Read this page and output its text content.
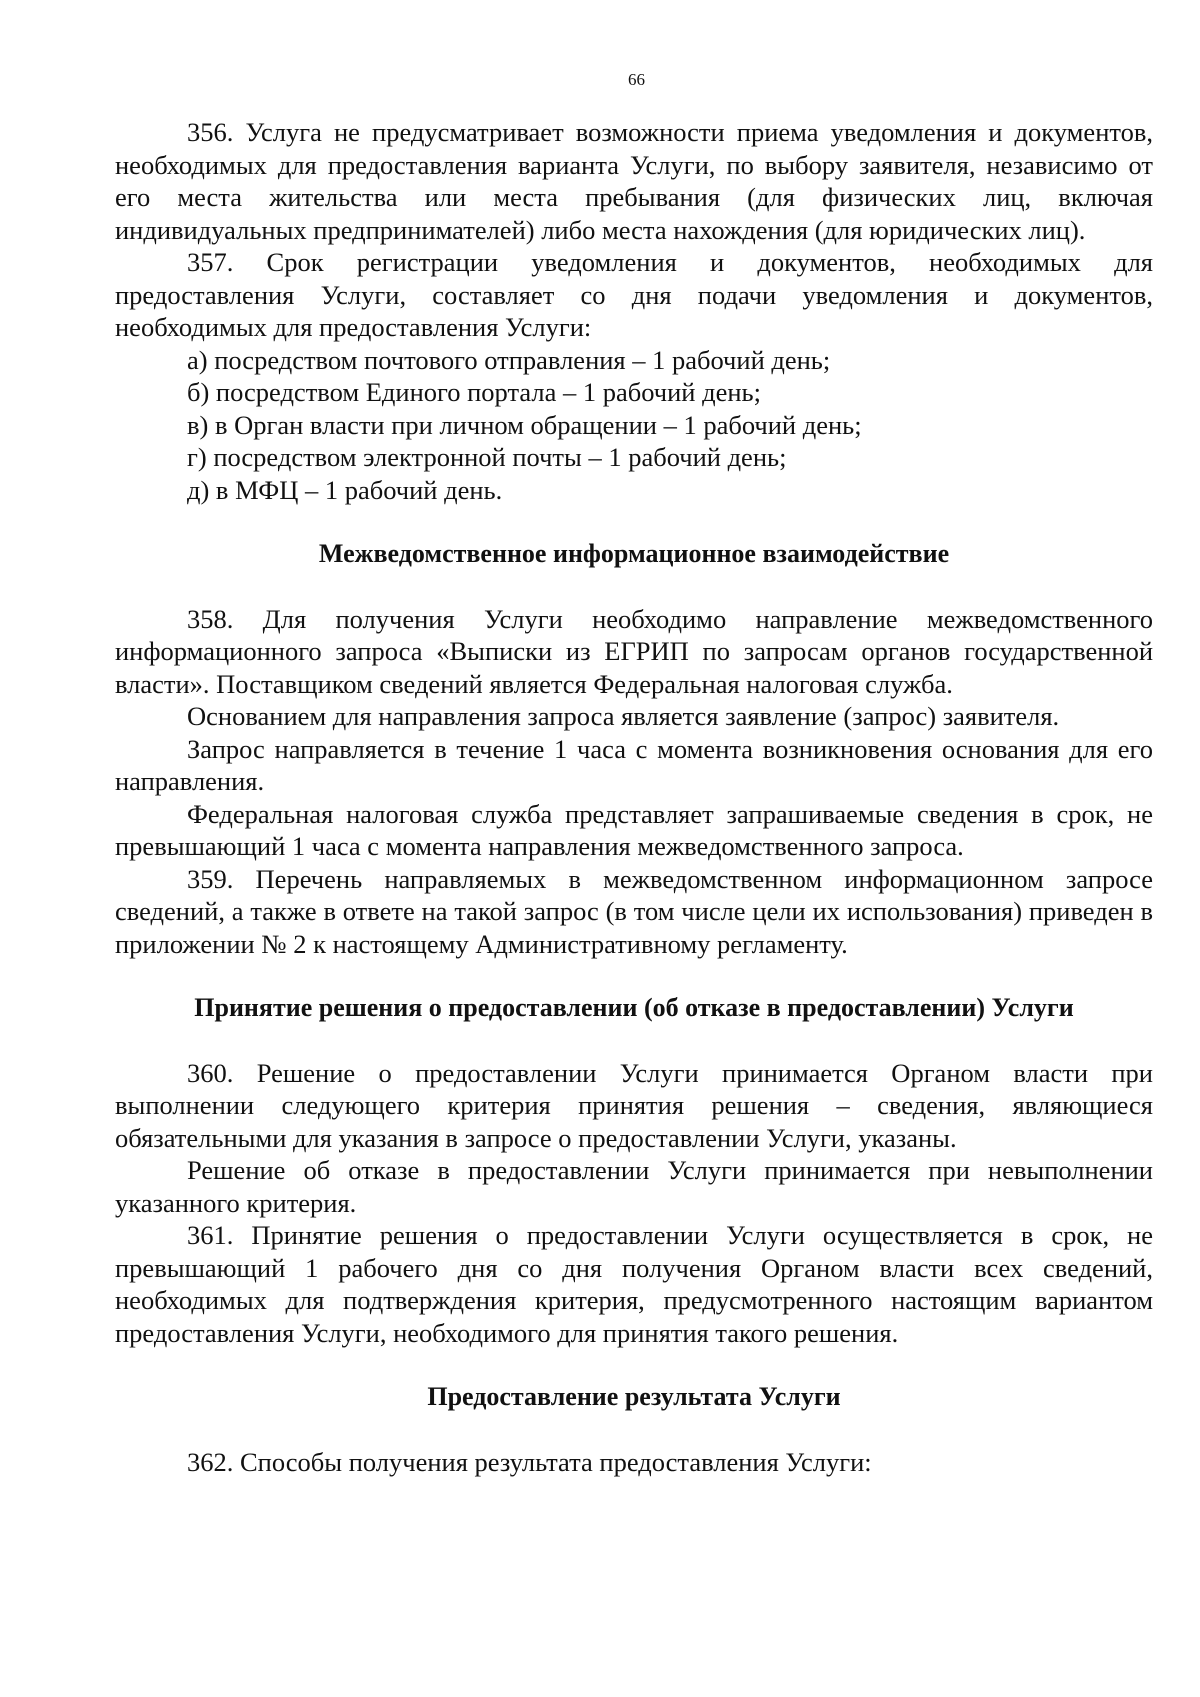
66

356. Услуга не предусматривает возможности приема уведомления и документов, необходимых для предоставления варианта Услуги, по выбору заявителя, независимо от его места жительства или места пребывания (для физических лиц, включая индивидуальных предпринимателей) либо места нахождения (для юридических лиц).

357. Срок регистрации уведомления и документов, необходимых для предоставления Услуги, составляет со дня подачи уведомления и документов, необходимых для предоставления Услуги:

а) посредством почтового отправления – 1 рабочий день;

б) посредством Единого портала – 1 рабочий день;

в) в Орган власти при личном обращении – 1 рабочий день;

г) посредством электронной почты – 1 рабочий день;

д) в МФЦ – 1 рабочий день.

Межведомственное информационное взаимодействие

358. Для получения Услуги необходимо направление межведомственного информационного запроса «Выписки из ЕГРИП по запросам органов государственной власти». Поставщиком сведений является Федеральная налоговая служба.

Основанием для направления запроса является заявление (запрос) заявителя.

Запрос направляется в течение 1 часа с момента возникновения основания для его направления.

Федеральная налоговая служба представляет запрашиваемые сведения в срок, не превышающий 1 часа с момента направления межведомственного запроса.

359. Перечень направляемых в межведомственном информационном запросе сведений, а также в ответе на такой запрос (в том числе цели их использования) приведен в приложении № 2 к настоящему Административному регламенту.

Принятие решения о предоставлении (об отказе в предоставлении) Услуги

360. Решение о предоставлении Услуги принимается Органом власти при выполнении следующего критерия принятия решения – сведения, являющиеся обязательными для указания в запросе о предоставлении Услуги, указаны.

Решение об отказе в предоставлении Услуги принимается при невыполнении указанного критерия.

361. Принятие решения о предоставлении Услуги осуществляется в срок, не превышающий 1 рабочего дня со дня получения Органом власти всех сведений, необходимых для подтверждения критерия, предусмотренного настоящим вариантом предоставления Услуги, необходимого для принятия такого решения.

Предоставление результата Услуги

362. Способы получения результата предоставления Услуги:
